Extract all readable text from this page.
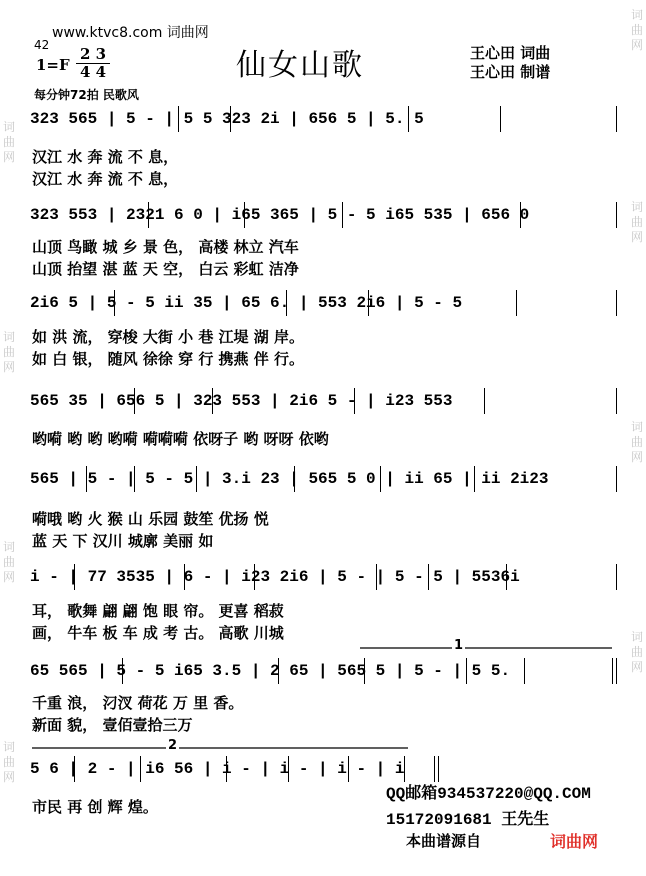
www.ktvc8.com 词曲网
42
1=F
2 3
4 4
每分钟72拍 民歌风
仙女山歌	王心田 词曲
王心田 制谱
词
曲
网
词
曲
网
词
曲
网
词
曲
网
词
曲
网
词
曲
网
词
曲
网
词
曲
网
323 565 | 5 - | 5 5 323 2i | 656 5 | 5. 5
汉江 水 奔 流 不 息，
汉江 水 奔 流 不 息，
323 553 | 2321 6 0 | i65 365 | 5 - 5 i65 535 | 656 0
山顶 鸟瞰 城 乡 景 色， 高楼 林立 汽车
山顶 抬望 湛 蓝 天 空， 白云 彩虹 洁净
2i6 5 | 5 - 5 ii 35 | 65 6. | 553 2i6 | 5 - 5
如 洪 流， 穿梭 大街 小 巷 江堤 湖 岸。
如 白 银， 随风 徐徐 穿 行 携燕 伴 行。
565 35 | 656 5 | 323 553 | 2i6 5 - | i23 553
哟嗬 哟 哟 哟嗬 嗬嗬嗬 依呀子 哟 呀呀 依哟
565 | 5 - | 5 - 5 | 3.i 23 | 565 5 0 | ii 65 | ii 2i23
嗬哦 哟 火 猴 山 乐园 鼓笙 优扬 悦
蓝 天 下 汉川 城廓 美丽 如
i - | 77 3535 | 6 - | i23 2i6 | 5 - | 5 - 5 | 5536i
耳， 歌舞 翩 翩 饱 眼 帘。 更喜 稻菽
画， 牛车 板 车 成 考 古。 高歌 川城
65 565 | 5 - 5 i65 3.5 | 2 65 | 565 5 | 5 - | 5 5.
千重 浪， 汈汊 荷花 万 里 香。
新面 貌， 壹佰壹拾三万
5 6 | 2 - | i6 56 | i - | i - | i - | i
市民 再 创 辉 煌。
1
2
QQ邮箱934537220@QQ.COM
15172091681 王先生
本曲谱源自	词曲网
